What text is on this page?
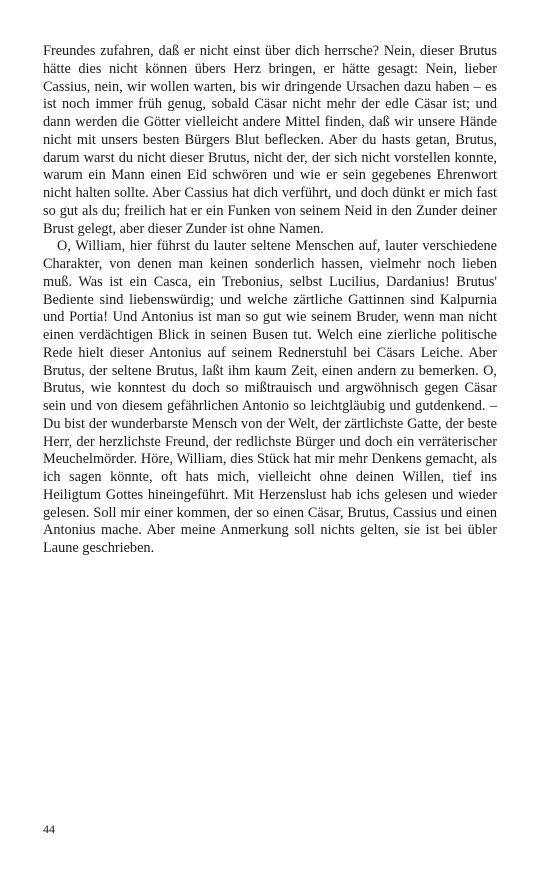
Freundes zufahren, daß er nicht einst über dich herrsche? Nein, dieser Brutus hätte dies nicht können übers Herz bringen, er hätte gesagt: Nein, lieber Cassius, nein, wir wollen warten, bis wir dringende Ursachen dazu haben – es ist noch immer früh genug, sobald Cäsar nicht mehr der edle Cäsar ist; und dann werden die Götter vielleicht andere Mittel finden, daß wir unsere Hände nicht mit unsers besten Bürgers Blut beflecken. Aber du hasts getan, Brutus, darum warst du nicht dieser Brutus, nicht der, der sich nicht vorstellen konnte, warum ein Mann einen Eid schwören und wie er sein gegebenes Ehrenwort nicht halten sollte. Aber Cassius hat dich verführt, und doch dünkt er mich fast so gut als du; freilich hat er ein Funken von seinem Neid in den Zunder deiner Brust gelegt, aber dieser Zunder ist ohne Namen.

O, William, hier führst du lauter seltene Menschen auf, lauter verschiedene Charakter, von denen man keinen sonderlich hassen, vielmehr noch lieben muß. Was ist ein Casca, ein Trebonius, selbst Lucilius, Dardanius! Brutus' Bediente sind liebenswürdig; und welche zärtliche Gattinnen sind Kalpurnia und Portia! Und Antonius ist man so gut wie seinem Bruder, wenn man nicht einen verdächtigen Blick in seinen Busen tut. Welch eine zierliche politische Rede hielt dieser Antonius auf seinem Rednerstuhl bei Cäsars Leiche. Aber Brutus, der seltene Brutus, laßt ihm kaum Zeit, einen andern zu bemerken. O, Brutus, wie konntest du doch so mißtrauisch und argwöhnisch gegen Cäsar sein und von diesem gefährlichen Antonio so leichtgläubig und gutdenkend. – Du bist der wunderbarste Mensch von der Welt, der zärtlichste Gatte, der beste Herr, der herzlichste Freund, der redlichste Bürger und doch ein verräterischer Meuchelmörder. Höre, William, dies Stück hat mir mehr Denkens gemacht, als ich sagen könnte, oft hats mich, vielleicht ohne deinen Willen, tief ins Heiligtum Gottes hineingeführt. Mit Herzenslust hab ichs gelesen und wieder gelesen. Soll mir einer kommen, der so einen Cäsar, Brutus, Cassius und einen Antonius mache. Aber meine Anmerkung soll nichts gelten, sie ist bei übler Laune geschrieben.

44
